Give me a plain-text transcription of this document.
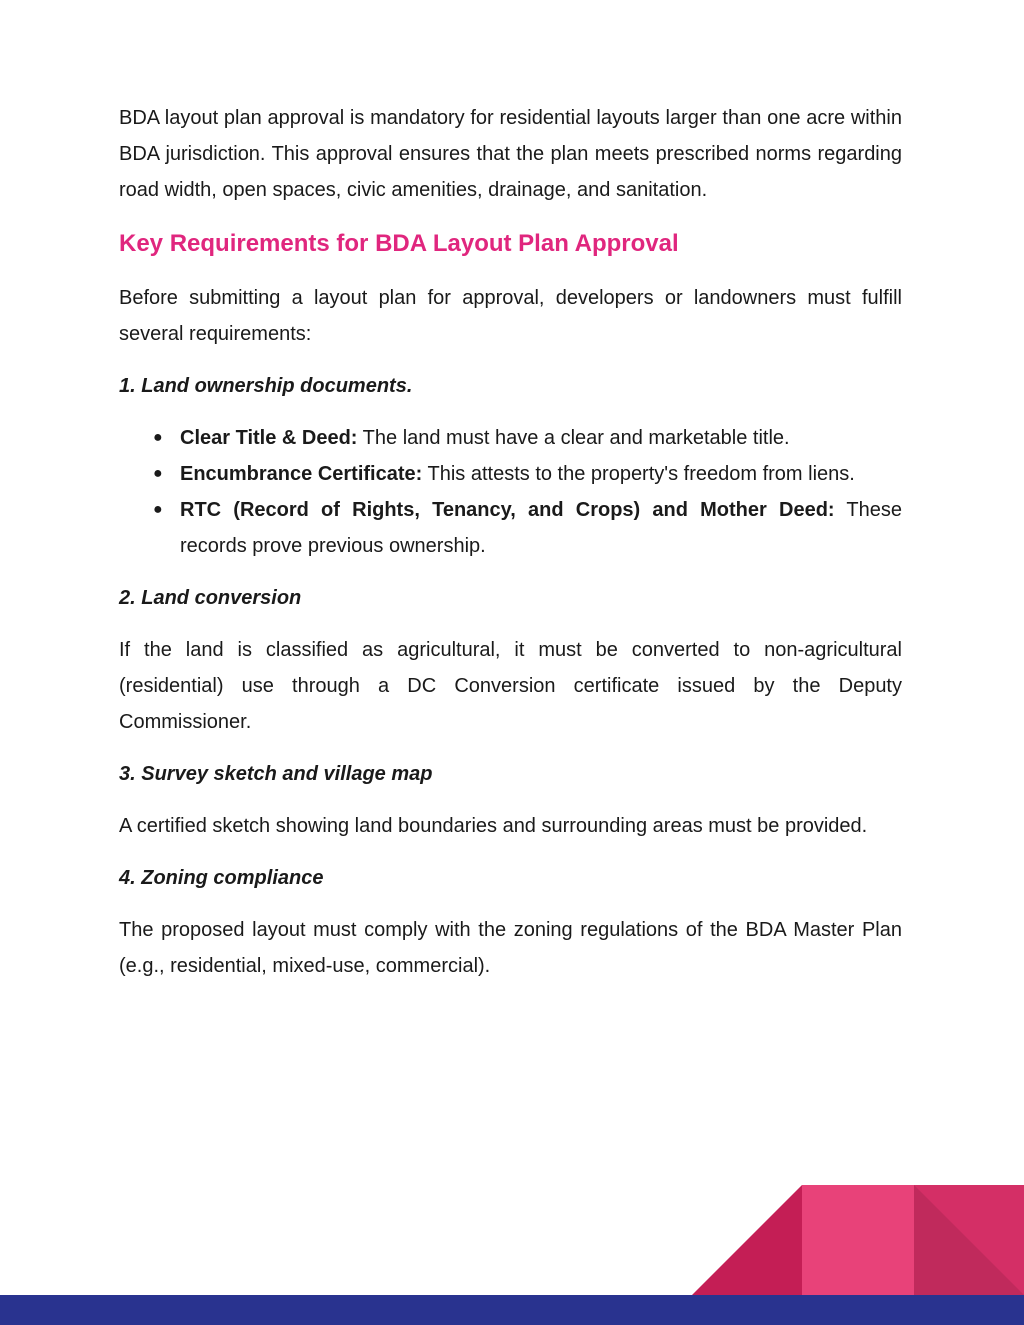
BDA layout plan approval is mandatory for residential layouts larger than one acre within BDA jurisdiction. This approval ensures that the plan meets prescribed norms regarding road width, open spaces, civic amenities, drainage, and sanitation.

Key Requirements for BDA Layout Plan Approval

Before submitting a layout plan for approval, developers or landowners must fulfill several requirements:

1. Land ownership documents.
● Clear Title & Deed: The land must have a clear and marketable title.
● Encumbrance Certificate: This attests to the property's freedom from liens.
● RTC (Record of Rights, Tenancy, and Crops) and Mother Deed: These records prove previous ownership.
2. Land conversion

If the land is classified as agricultural, it must be converted to non-agricultural (residential) use through a DC Conversion certificate issued by the Deputy Commissioner.

3. Survey sketch and village map

A certified sketch showing land boundaries and surrounding areas must be provided.

4. Zoning compliance

The proposed layout must comply with the zoning regulations of the BDA Master Plan (e.g., residential, mixed-use, commercial).
